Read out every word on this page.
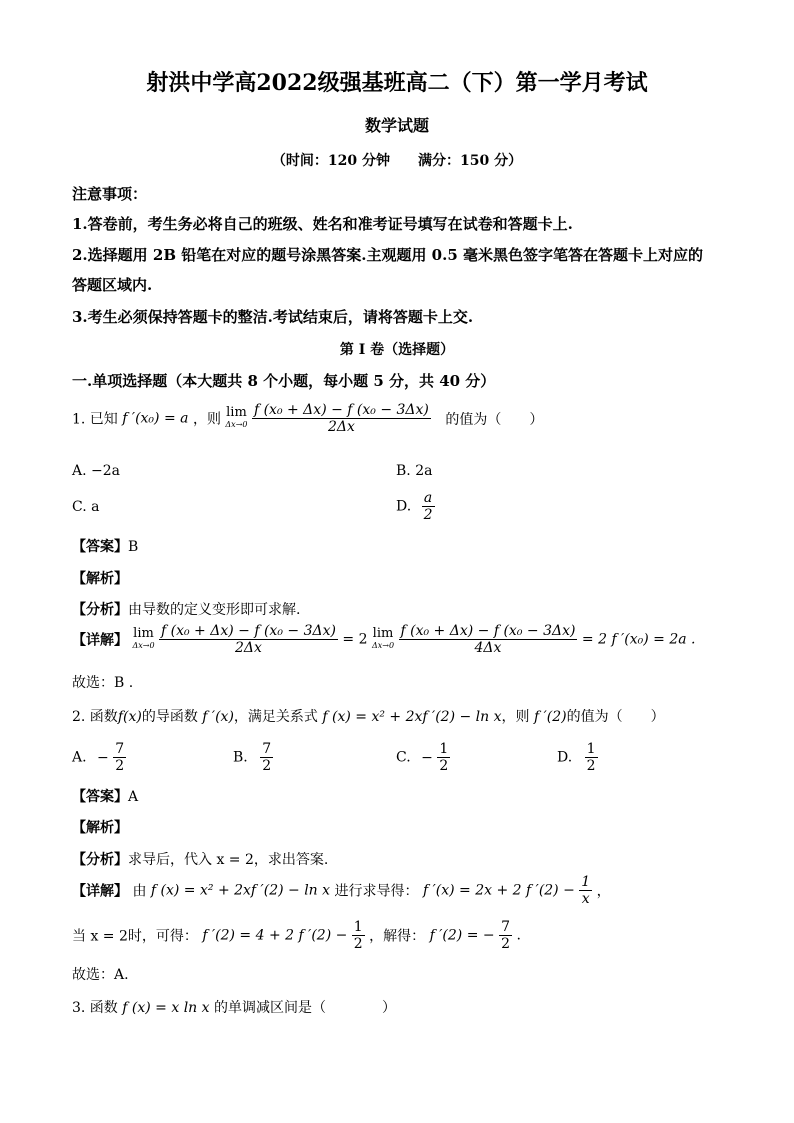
射洪中学高2022级强基班高二（下）第一学月考试
数学试题
（时间：120 分钟　　满分：150 分）
注意事项：
1.答卷前，考生务必将自己的班级、姓名和准考证号填写在试卷和答题卡上.
2.选择题用 2B 铅笔在对应的题号涂黑答案.主观题用 0.5 毫米黑色签字笔答在答题卡上对应的
答题区域内.
3.考生必须保持答题卡的整洁.考试结束后，请将答题卡上交.
第 I 卷（选择题）
一.单项选择题（本大题共 8 个小题，每小题 5 分，共 40 分）
1. 已知 f ′(x₀) = a ，则 lim
Δx→0
$\frac{\text{f (x₀ + Δx) − f (x₀ − 3Δx)}}{2\Delta x}$ 的值为（　　）
A. −2a	B. 2a
C. a	D. $\frac{a}{2}$
【答案】B
【解析】
【分析】由导数的定义变形即可求解.
【详解】 lim
Δx→0
$\frac{\text{f (x₀ + Δx) − f (x₀ − 3Δx)}}{2\Delta x} = 2$ lim
Δx→0
$\frac{\text{f (x₀ + Δx) − f (x₀ − 3Δx)}}{4\Delta x} = 2$ f ′(x₀) = 2a .
故选：B .
2. 函数f(x)的导函数 f ′(x)，满足关系式 f (x) = x² + 2xf ′(2) − ln x，则 f ′(2)的值为（　　）
A. − $\frac{7}{2}$	B. $\frac{7}{2}$	C. − $\frac{1}{2}$	D. $\frac{1}{2}$
【答案】A
【解析】
【分析】求导后，代入 x = 2，求出答案.
【详解】 由 f (x) = x² + 2xf ′(2) − ln x 进行求导得： f ′(x) = 2x + 2 f $'(2) - \frac{1}{x}$ ，
当 x = 2时，可得： f ′(2) = 4 + 2 f $'(2) - \frac{1}{2}$ ，解得： f ′(2) = − $\frac{7}{2}$ .
故选：A.
3. 函数 f (x) = x ln x 的单调减区间是（　　　　）
